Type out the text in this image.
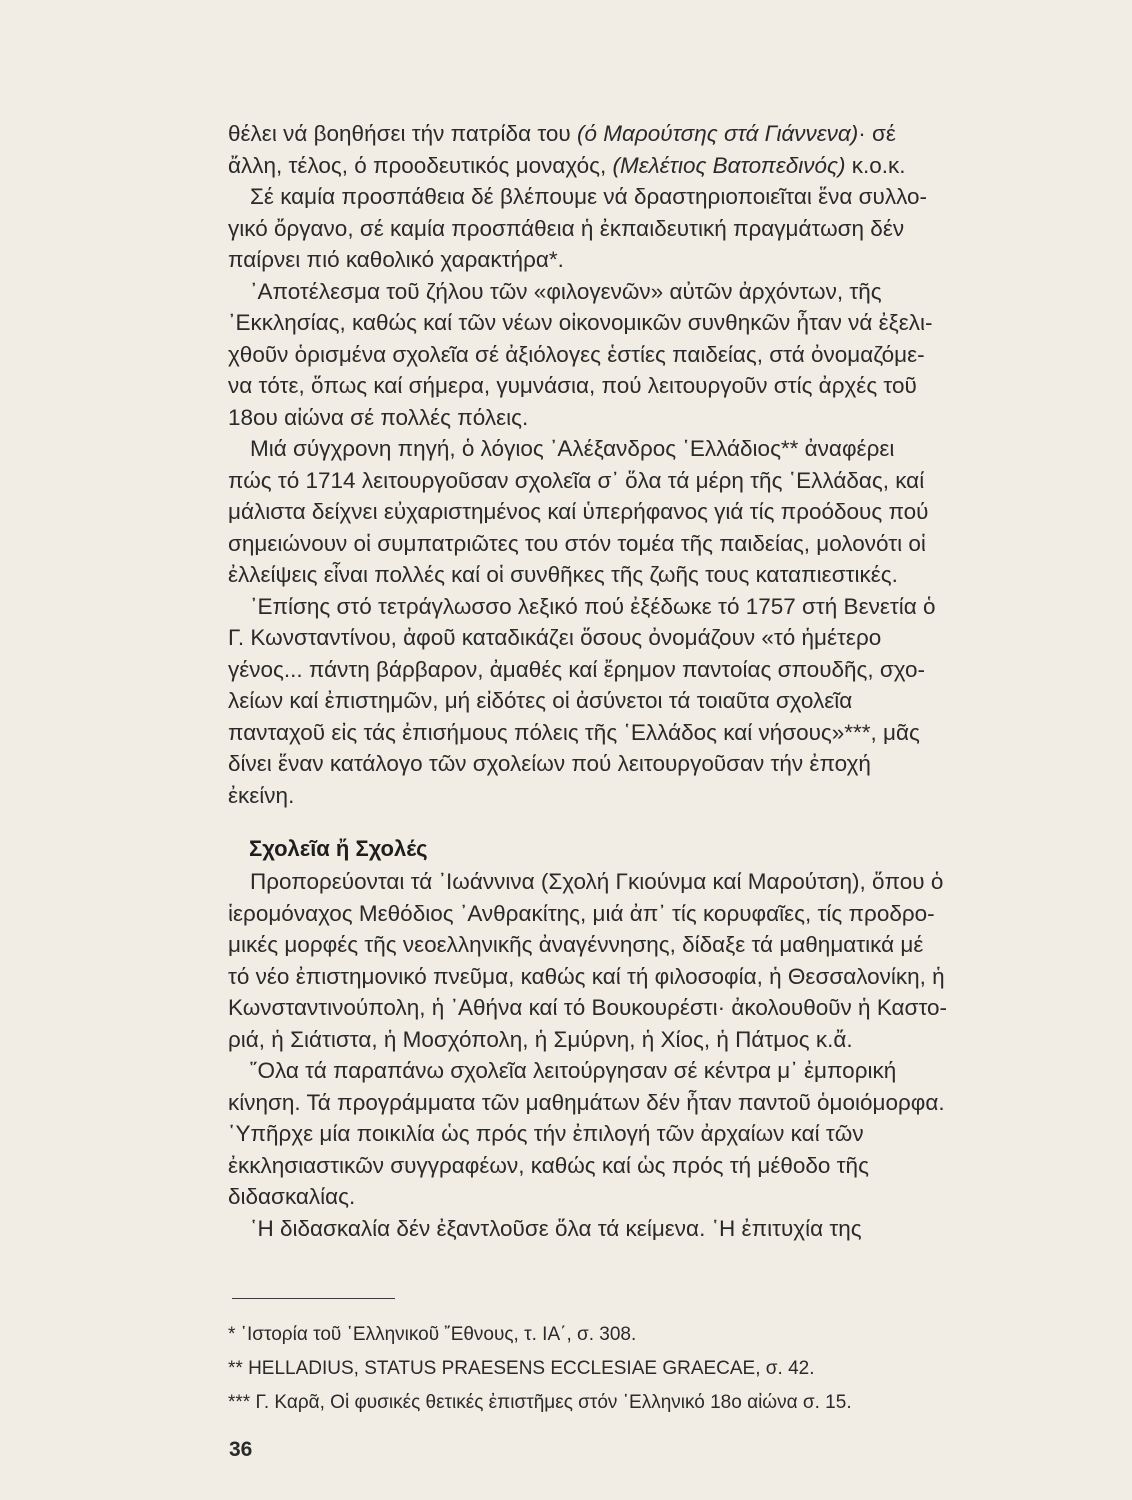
θέλει νά βοηθήσει τήν πατρίδα του (ό Μαρούτσης στά Γιάννενα)· σέ
ἄλλη, τέλος, ό προοδευτικός μοναχός, (Μελέτιος Βατοπεδινός) κ.ο.κ.
Σέ καμία προσπάθεια δέ βλέπουμε νά δραστηριοποιεῖται ἕνα συλλο-
γικό ὄργανο, σέ καμία προσπάθεια ἡ ἐκπαιδευτική πραγμάτωση δέν
παίρνει πιό καθολικό χαρακτήρα*.

᾿Αποτέλεσμα τοῦ ζήλου τῶν «φιλογενῶν» αὐτῶν ἀρχόντων, τῆς
᾿Εκκλησίας, καθώς καί τῶν νέων οἰκονομικῶν συνθηκῶν ἦταν νά ἐξελι-
χθοῦν ὁρισμένα σχολεῖα σέ ἀξιόλογες ἑστίες παιδείας, στά ὀνομαζόμε-
να τότε, ὅπως καί σήμερα, γυμνάσια, πού λειτουργοῦν στίς ἀρχές τοῦ
18ου αἰώνα σέ πολλές πόλεις.

Μιά σύγχρονη πηγή, ὁ λόγιος ᾿Αλέξανδρος ῾Ελλάδιος** ἀναφέρει
πώς τό 1714 λειτουργοῦσαν σχολεῖα σ᾿ ὅλα τά μέρη τῆς ῾Ελλάδας, καί
μάλιστα δείχνει εὐχαριστημένος καί ὑπερήφανος γιά τίς προόδους πού
σημειώνουν οἱ συμπατριῶτες του στόν τομέα τῆς παιδείας, μολονότι οἱ
ἐλλείψεις εἶναι πολλές καί οἱ συνθῆκες τῆς ζωῆς τους καταπιεστικές.

᾿Επίσης στό τετράγλωσσο λεξικό πού ἐξέδωκε τό 1757 στή Βενετία ὁ
Γ. Κωνσταντίνου, ἀφοῦ καταδικάζει ὅσους ὀνομάζουν «τό ἡμέτερο
γένος... πάντη βάρβαρον, ἀμαθές καί ἔρημον παντοίας σπουδῆς, σχο-
λείων καί ἐπιστημῶν, μή εἰδότες οἱ ἀσύνετοι τά τοιαῦτα σχολεῖα
πανταχοῦ εἰς τάς ἐπισήμους πόλεις τῆς ῾Ελλάδος καί νήσους»***, μᾶς
δίνει ἕναν κατάλογο τῶν σχολείων πού λειτουργοῦσαν τήν ἐποχή
ἐκείνη.

Σχολεῖα ἤ Σχολές

Προπορεύονται τά ᾿Ιωάννινα (Σχολή Γκιούνμα καί Μαρούτση), ὅπου ὁ
ἱερομόναχος Μεθόδιος ᾿Ανθρακίτης, μιά ἀπ᾿ τίς κορυφαῖες, τίς προδρο-
μικές μορφές τῆς νεοελληνικῆς ἀναγέννησης, δίδαξε τά μαθηματικά μέ
τό νέο ἐπιστημονικό πνεῦμα, καθώς καί τή φιλοσοφία, ἡ Θεσσαλονίκη, ἡ
Κωνσταντινούπολη, ἡ ᾿Αθήνα καί τό Βουκουρέστι· ἀκολουθοῦν ἡ Καστο-
ριά, ἡ Σιάτιστα, ἡ Μοσχόπολη, ἡ Σμύρνη, ἡ Χίος, ἡ Πάτμος κ.ἄ.

῞Ολα τά παραπάνω σχολεῖα λειτούργησαν σέ κέντρα μ᾿ ἐμπορική
κίνηση. Τά προγράμματα τῶν μαθημάτων δέν ἦταν παντοῦ ὁμοιόμορφα.
῾Υπῆρχε μία ποικιλία ὡς πρός τήν ἐπιλογή τῶν ἀρχαίων καί τῶν
ἐκκλησιαστικῶν συγγραφέων, καθώς καί ὡς πρός τή μέθοδο τῆς
διδασκαλίας.

῾Η διδασκαλία δέν ἐξαντλοῦσε ὅλα τά κείμενα. ῾Η ἐπιτυχία της

* ῾Ιστορία τοῦ ῾Ελληνικοῦ ῎Εθνους, τ. ΙΑ΄, σ. 308.
** HELLADIUS, STATUS PRAESENS ECCLESIAE GRAECAE, σ. 42.
*** Γ. Καρᾶ, Οἱ φυσικές θετικές ἐπιστῆμες στόν ῾Ελληνικό 18ο αἰώνα σ. 15.
36
